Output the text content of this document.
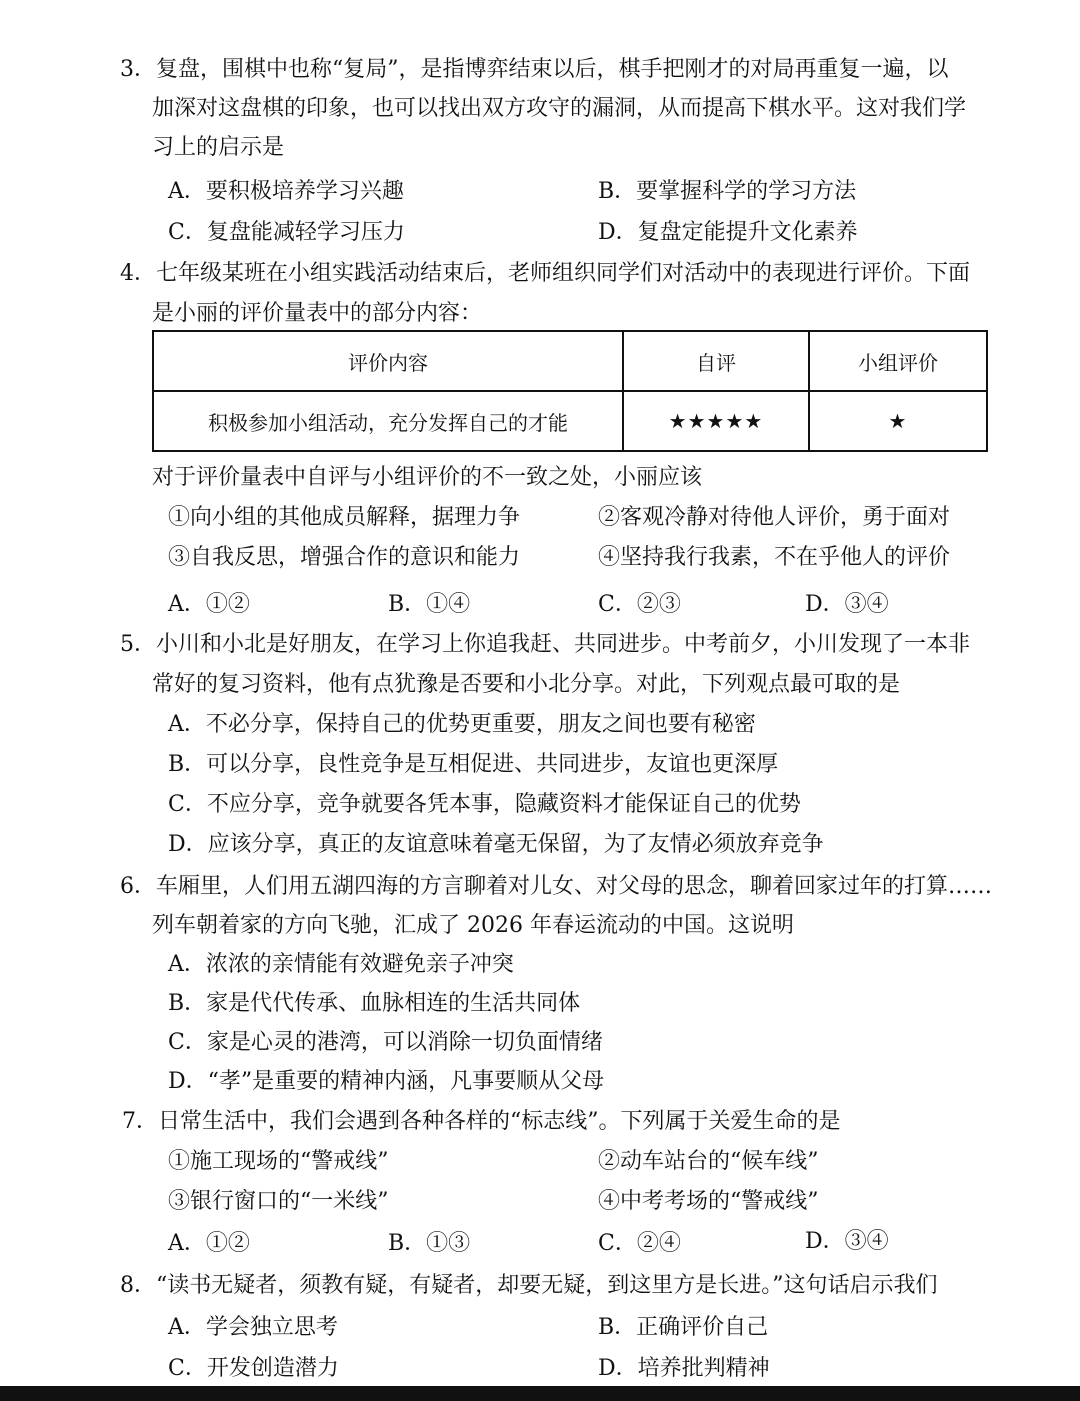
3．复盘，围棋中也称“复局”，是指博弈结束以后，棋手把刚才的对局再重复一遍，以
加深对这盘棋的印象，也可以找出双方攻守的漏洞，从而提高下棋水平。这对我们学
习上的启示是
A．要积极培养学习兴趣	B．要掌握科学的学习方法
C．复盘能减轻学习压力	D．复盘定能提升文化素养
4．七年级某班在小组实践活动结束后，老师组织同学们对活动中的表现进行评价。下面
是小丽的评价量表中的部分内容：
评价内容	自评	小组评价
积极参加小组活动，充分发挥自己的才能	★★★★★	★
对于评价量表中自评与小组评价的不一致之处，小丽应该
①向小组的其他成员解释，据理力争	②客观冷静对待他人评价，勇于面对
③自我反思，增强合作的意识和能力	④坚持我行我素，不在乎他人的评价
A．①②	B．①④	C．②③	D．③④
5．小川和小北是好朋友，在学习上你追我赶、共同进步。中考前夕，小川发现了一本非
常好的复习资料，他有点犹豫是否要和小北分享。对此，下列观点最可取的是
A．不必分享，保持自己的优势更重要，朋友之间也要有秘密
B．可以分享，良性竞争是互相促进、共同进步，友谊也更深厚
C．不应分享，竞争就要各凭本事，隐藏资料才能保证自己的优势
D．应该分享，真正的友谊意味着毫无保留，为了友情必须放弃竞争
6．车厢里，人们用五湖四海的方言聊着对儿女、对父母的思念，聊着回家过年的打算……
列车朝着家的方向飞驰，汇成了 2026 年春运流动的中国。这说明
A．浓浓的亲情能有效避免亲子冲突
B．家是代代传承、血脉相连的生活共同体
C．家是心灵的港湾，可以消除一切负面情绪
D．“孝”是重要的精神内涵，凡事要顺从父母
7．日常生活中，我们会遇到各种各样的“标志线”。下列属于关爱生命的是
①施工现场的“警戒线”	②动车站台的“候车线”
③银行窗口的“一米线”	④中考考场的“警戒线”
A．①②	B．①③	C．②④	D．③④
8．“读书无疑者，须教有疑，有疑者，却要无疑，到这里方是长进。”这句话启示我们
A．学会独立思考	B．正确评价自己
C．开发创造潜力	D．培养批判精神
